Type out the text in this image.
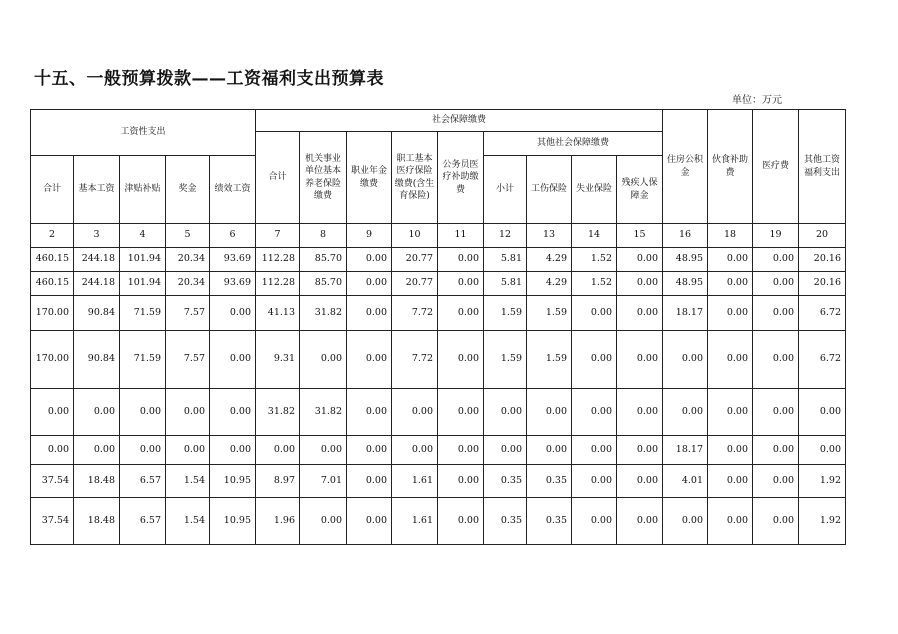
十五、一般预算拨款——工资福利支出预算表
单位：万元
工资性支出					社会保障缴费									住房公积金	伙食补助费	医疗费	其他工资福利支出

					合计	机关事业单位基本养老保险缴费	职业年金缴费	职工基本医疗保险缴费(含生育保险)	公务员医疗补助缴费	其他社会保障缴费							
合计	基本工资	津贴补贴	奖金	绩效工资						小计	工伤保险	失业保险	残疾人保障金				

2	3	4	5	6	7	8	9	10	11	12	13	14	15	16	18	19	20
460.15	244.18	101.94	20.34	93.69	112.28	85.70	0.00	20.77	0.00	5.81	4.29	1.52	0.00	48.95	0.00	0.00	20.16
460.15	244.18	101.94	20.34	93.69	112.28	85.70	0.00	20.77	0.00	5.81	4.29	1.52	0.00	48.95	0.00	0.00	20.16
170.00	90.84	71.59	7.57	0.00	41.13	31.82	0.00	7.72	0.00	1.59	1.59	0.00	0.00	18.17	0.00	0.00	6.72
170.00	90.84	71.59	7.57	0.00	9.31	0.00	0.00	7.72	0.00	1.59	1.59	0.00	0.00	0.00	0.00	0.00	6.72
0.00	0.00	0.00	0.00	0.00	31.82	31.82	0.00	0.00	0.00	0.00	0.00	0.00	0.00	0.00	0.00	0.00	0.00
0.00	0.00	0.00	0.00	0.00	0.00	0.00	0.00	0.00	0.00	0.00	0.00	0.00	0.00	18.17	0.00	0.00	0.00
37.54	18.48	6.57	1.54	10.95	8.97	7.01	0.00	1.61	0.00	0.35	0.35	0.00	0.00	4.01	0.00	0.00	1.92
37.54	18.48	6.57	1.54	10.95	1.96	0.00	0.00	1.61	0.00	0.35	0.35	0.00	0.00	0.00	0.00	0.00	1.92
